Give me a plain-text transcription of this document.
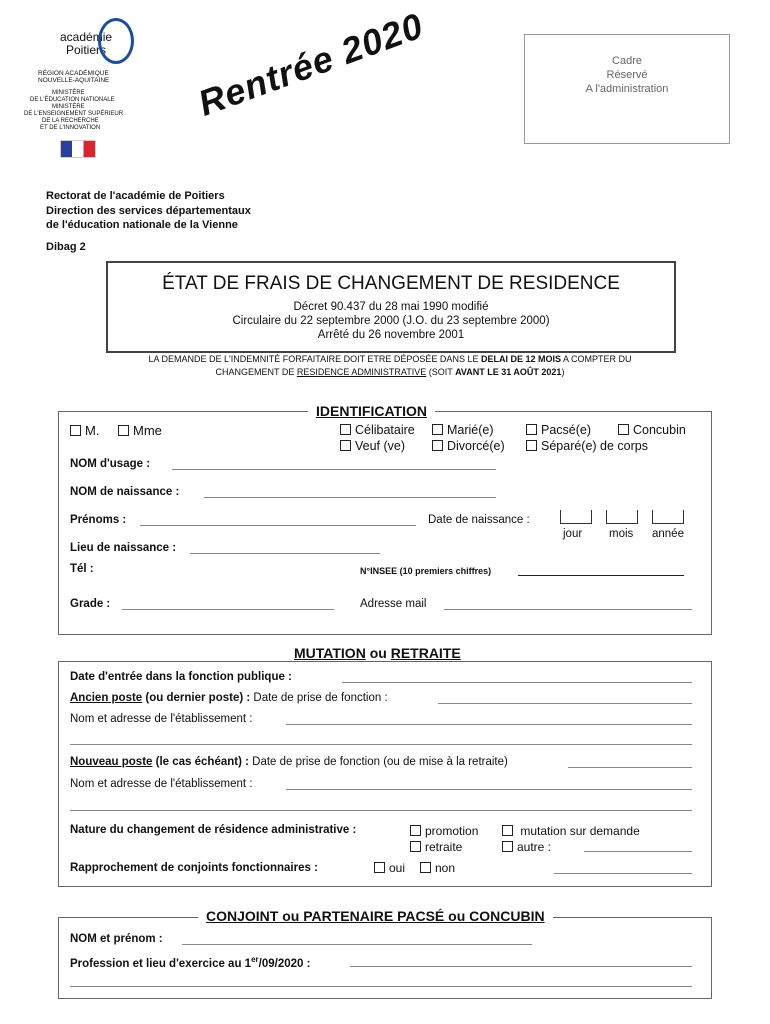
académie
Poitiers
RÉGION ACADÉMIQUE
NOUVELLE-AQUITAINE
MINISTÈRE
DE L'ÉDUCATION NATIONALE
MINISTÈRE
DE L'ENSEIGNEMENT SUPÉRIEUR
DE LA RECHERCHE
ET DE L'INNOVATION
Rentrée 2020	Cadre
Réservé
A l'administration
Rectorat de l'académie de Poitiers
Direction des services départementaux
de l'éducation nationale de la Vienne
Dibag 2
ÉTAT DE FRAIS DE CHANGEMENT DE RESIDENCE
Décret 90.437 du 28 mai 1990 modifié
Circulaire du 22 septembre 2000 (J.O. du 23 septembre 2000)
Arrêté du 26 novembre 2001
LA DEMANDE DE L'INDEMNITÉ FORFAITAIRE DOIT ETRE DÉPOSÉE DANS LE DELAI DE 12 MOIS A COMPTER DU
CHANGEMENT DE RESIDENCE ADMINISTRATIVE (SOIT AVANT LE 31 AOÛT 2021)
IDENTIFICATION
M.	Mme	Célibataire	Marié(e)	Pacsé(e)	Concubin
Veuf (ve)	Divorcé(e)	Séparé(e) de corps
NOM d'usage :
NOM de naissance :
Prénoms :	Date de naissance :
jour mois année
Lieu de naissance :
Tél :	N°INSEE (10 premiers chiffres)
Grade :	Adresse mail
MUTATION ou RETRAITE
Date d'entrée dans la fonction publique :
Ancien poste (ou dernier poste) : Date de prise de fonction :
Nom et adresse de l'établissement :
Nouveau poste (le cas échéant) : Date de prise de fonction (ou de mise à la retraite)
Nom et adresse de l'établissement :
Nature du changement de résidence administrative :	promotion	mutation sur demande
retraite	autre :
Rapprochement de conjoints fonctionnaires :	oui	non
CONJOINT ou PARTENAIRE PACSÉ ou CONCUBIN
NOM et prénom :
Profession et lieu d'exercice au 1er/09/2020 :
